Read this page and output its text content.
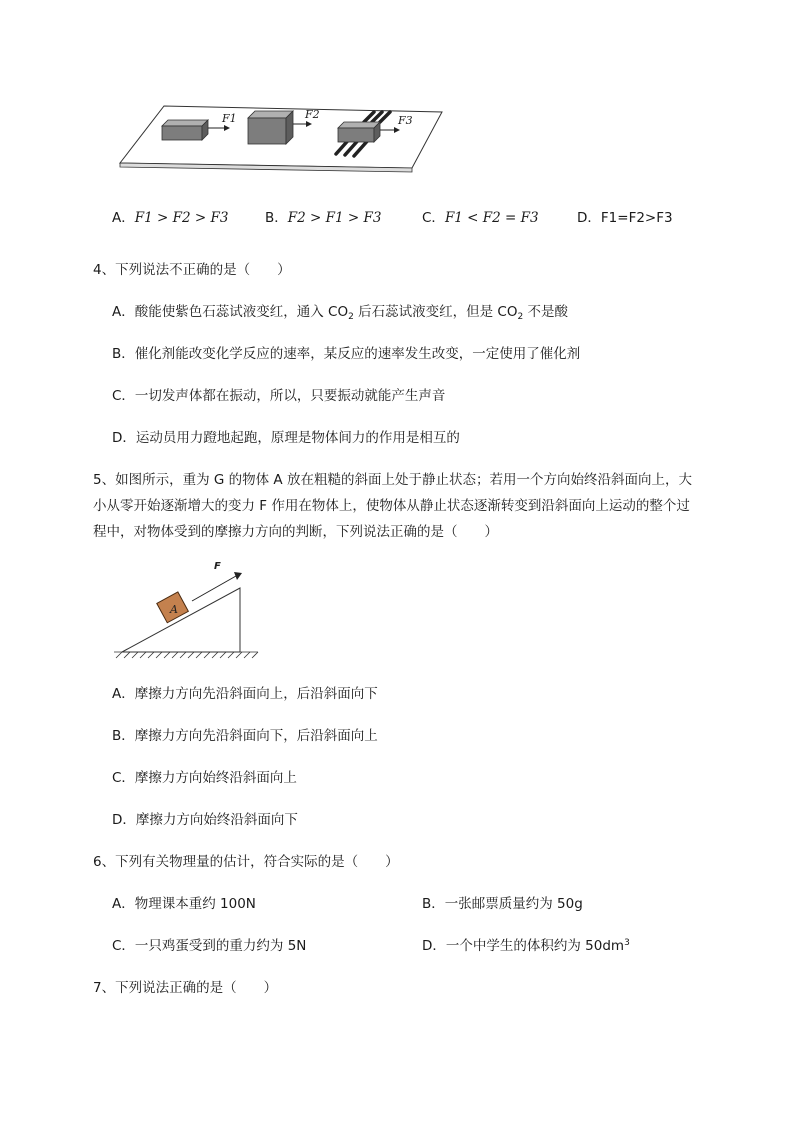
F1	F2	F3
A．F1 > F2 > F3	B．F2 > F1 > F3	C．F1 < F2 = F3	D．F1=F2>F3
4、下列说法不正确的是（　　）
A．酸能使紫色石蕊试液变红，通入 $CO_2$ 后石蕊试液变红，但是 $CO_2$ 不是酸
B．催化剂能改变化学反应的速率，某反应的速率发生改变，一定使用了催化剂
C．一切发声体都在振动，所以，只要振动就能产生声音
D．运动员用力蹬地起跑，原理是物体间力的作用是相互的
5、如图所示，重为 G 的物体 A 放在粗糙的斜面上处于静止状态；若用一个方向始终沿斜面向上，大
小从零开始逐渐增大的变力 F 作用在物体上，使物体从静止状态逐渐转变到沿斜面向上运动的整个过
程中，对物体受到的摩擦力方向的判断，下列说法正确的是（　　）
A
F
A．摩擦力方向先沿斜面向上，后沿斜面向下
B．摩擦力方向先沿斜面向下，后沿斜面向上
C．摩擦力方向始终沿斜面向上
D．摩擦力方向始终沿斜面向下
6、下列有关物理量的估计，符合实际的是（　　）
A．物理课本重约 100N	B．一张邮票质量约为 50g
C．一只鸡蛋受到的重力约为 5N	D．一个中学生的体积约为 $50dm^3$
7、下列说法正确的是（　　）
